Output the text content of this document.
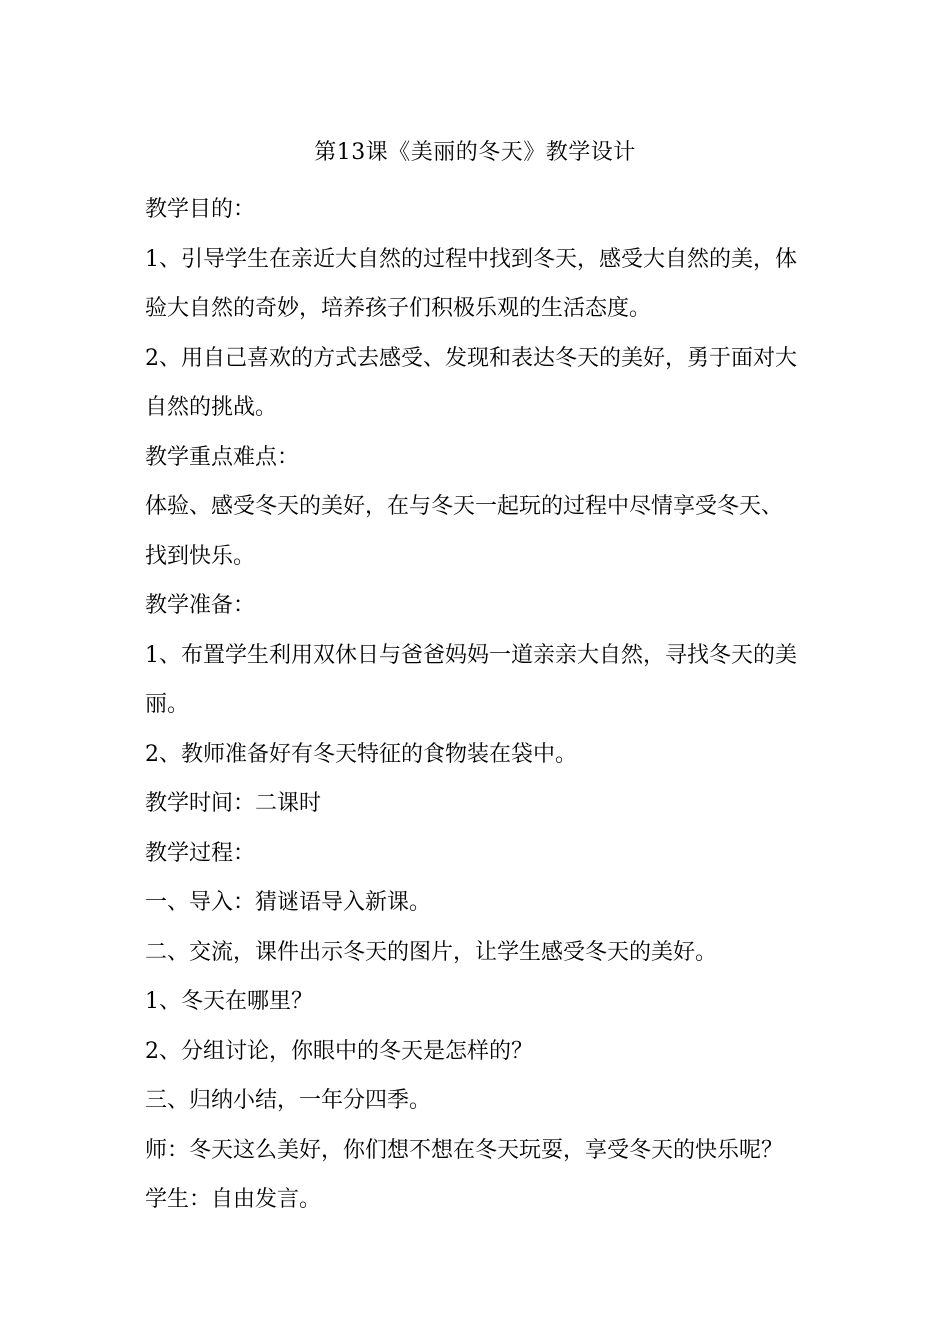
第13课《美丽的冬天》教学设计
教学目的：
1、引导学生在亲近大自然的过程中找到冬天，感受大自然的美，体
验大自然的奇妙，培养孩子们积极乐观的生活态度。
2、用自己喜欢的方式去感受、发现和表达冬天的美好，勇于面对大
自然的挑战。
教学重点难点：
体验、感受冬天的美好，在与冬天一起玩的过程中尽情享受冬天、
找到快乐。
教学准备：
1、布置学生利用双休日与爸爸妈妈一道亲亲大自然，寻找冬天的美
丽。
2、教师准备好有冬天特征的食物装在袋中。
教学时间：二课时
教学过程：
一、导入：猜谜语导入新课。
二、交流，课件出示冬天的图片，让学生感受冬天的美好。
1、冬天在哪里？
2、分组讨论，你眼中的冬天是怎样的？
三、归纳小结，一年分四季。
师：冬天这么美好，你们想不想在冬天玩耍，享受冬天的快乐呢？
学生：自由发言。
